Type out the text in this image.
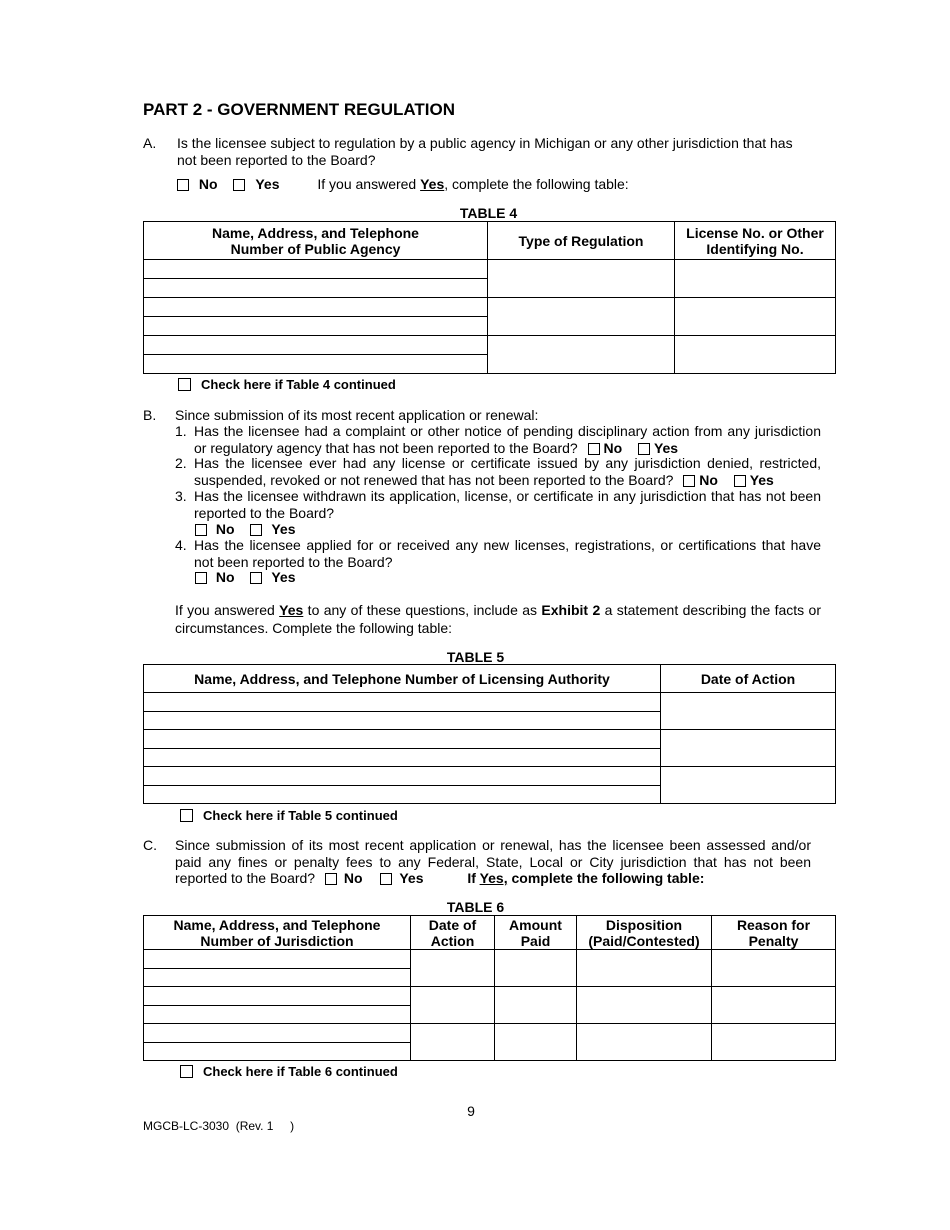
PART 2 - GOVERNMENT REGULATION
A. Is the licensee subject to regulation by a public agency in Michigan or any other jurisdiction that has not been reported to the Board?
No	Yes	If you answered Yes, complete the following table:
TABLE 4
Name, Address, and Telephone Number of Public Agency	Type of Regulation	License No. or Other Identifying No.

Check here if Table 4 continued
B. Since submission of its most recent application or renewal:
1. Has the licensee had a complaint or other notice of pending disciplinary action from any jurisdiction or regulatory agency that has not been reported to the Board? No Yes
2. Has the licensee ever had any license or certificate issued by any jurisdiction denied, restricted, suspended, revoked or not renewed that has not been reported to the Board? No Yes
3. Has the licensee withdrawn its application, license, or certificate in any jurisdiction that has not been reported to the Board?
No	Yes
4. Has the licensee applied for or received any new licenses, registrations, or certifications that have not been reported to the Board?
No	Yes
If you answered Yes to any of these questions, include as Exhibit 2 a statement describing the facts or circumstances. Complete the following table:
TABLE 5
Name, Address, and Telephone Number of Licensing Authority	Date of Action

Check here if Table 5 continued
C. Since submission of its most recent application or renewal, has the licensee been assessed and/or paid any fines or penalty fees to any Federal, State, Local or City jurisdiction that has not been reported to the Board? No	Yes	If Yes, complete the following table:
TABLE 6
Name, Address, and Telephone Number of Jurisdiction	Date of Action	Amount Paid	Disposition (Paid/Contested)	Reason for Penalty

Check here if Table 6 continued
9
MGCB-LC-3030  (Rev. 1     )
